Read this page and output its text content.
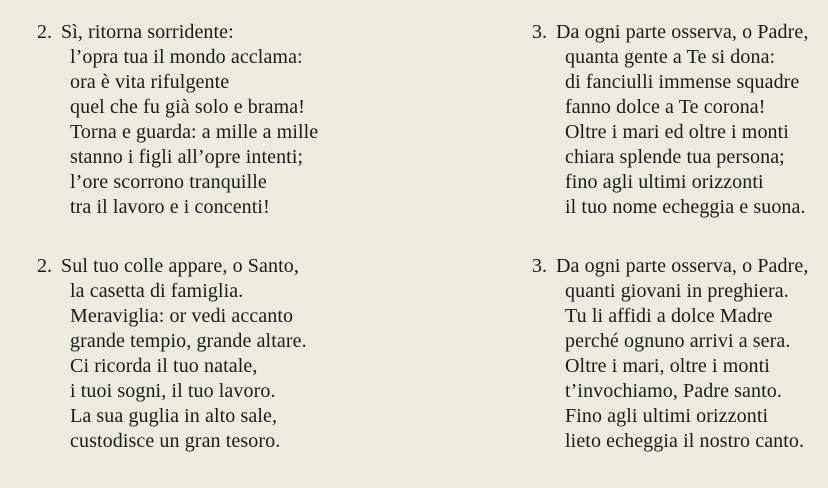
2. Sì, ritorna sorridente:
l’opra tua il mondo acclama:
ora è vita rifulgente
quel che fu già solo e brama!
Torna e guarda: a mille a mille
stanno i figli all’opre intenti;
l’ore scorrono tranquille
tra il lavoro e i concenti!
2. Sul tuo colle appare, o Santo,
la casetta di famiglia.
Meraviglia: or vedi accanto
grande tempio, grande altare.
Ci ricorda il tuo natale,
i tuoi sogni, il tuo lavoro.
La sua guglia in alto sale,
custodisce un gran tesoro.
3. Da ogni parte osserva, o Padre,
quanta gente a Te si dona:
di fanciulli immense squadre
fanno dolce a Te corona!
Oltre i mari ed oltre i monti
chiara splende tua persona;
fino agli ultimi orizzonti
il tuo nome echeggia e suona.
3. Da ogni parte osserva, o Padre,
quanti giovani in preghiera.
Tu li affidi a dolce Madre
perché ognuno arrivi a sera.
Oltre i mari, oltre i monti
t’invochiamo, Padre santo.
Fino agli ultimi orizzonti
lieto echeggia il nostro canto.
